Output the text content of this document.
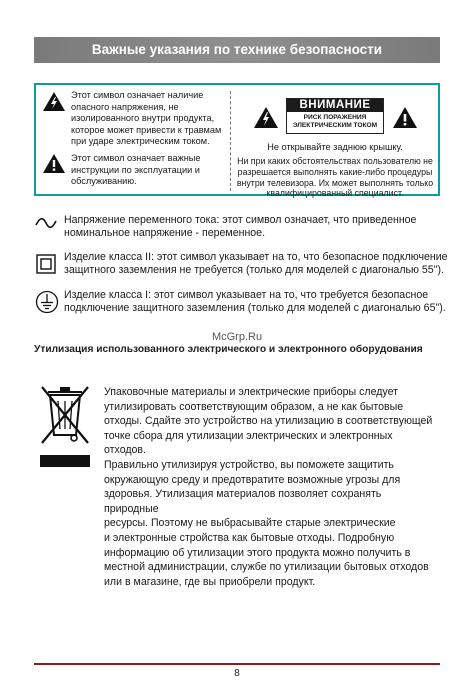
Важные указания по технике безопасности
Этот символ означает наличие
опасного напряжения, не
изолированного внутри продукта,
которое может привести к травмам
при ударе электрическим током.
Этот символ означает важные
инструкции по эксплуатации и
обслуживанию.
ВНИМАНИЕ
РИСК ПОРАЖЕНИЯ
ЭЛЕКТРИЧЕСКИМ ТОКОМ
Не открывайте заднюю крышку.
Ни при каких обстоятельствах пользователю не
разрешается выполнять какие-либо процедуры
внутри телевизора. Их может выполнять только
квалифицированный специалист.
Напряжение переменного тока: этот символ означает, что приведенное
номинальное напряжение - переменное.
Изделие класса II: этот символ указывает на то, что безопасное подключение
защитного заземления не требуется (только для моделей с диагональю 55").
Изделие класса I: этот символ указывает на то, что требуется безопасное
подключение защитного заземления (только для моделей с диагональю 65").
McGrp.Ru
Утилизация использованного электрического и электронного оборудования
Упаковочные материалы и электрические приборы следует
утилизировать соответствующим образом, а не как бытовые
отходы. Сдайте это устройство на утилизацию в соответствующей
точке сбора для утилизации электрических и электронных отходов.
Правильно утилизируя устройство, вы поможете защитить
окружающую среду и предотвратите возможные угрозы для
здоровья. Утилизация материалов позволяет сохранять природные
ресурсы. Поэтому не выбрасывайте старые электрические
и электронные стройства как бытовые отходы. Подробную
информацию об утилизации этого продукта можно получить в
местной администрации, службе по утилизации бытовых отходов
или в магазине, где вы приобрели продукт.
8
